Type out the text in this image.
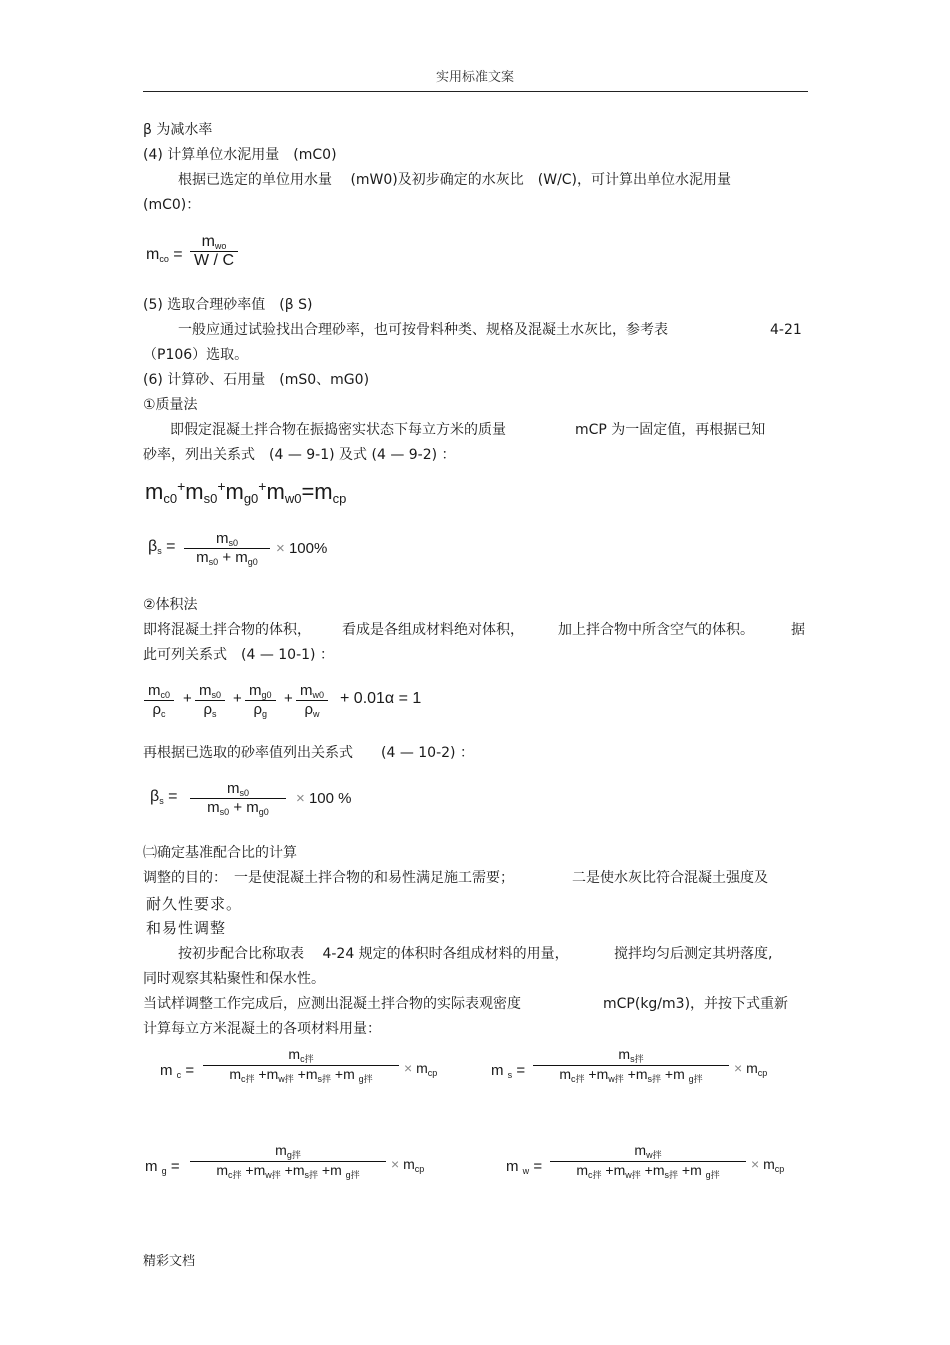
实用标准文案
β 为减水率
(4) 计算单位水泥用量　(mC0)
根据已选定的单位用水量　 (mW0)及初步确定的水灰比　(W/C)，可计算出单位水泥用量
(mC0)：
$m_{co}$ =
$m_{wo}$
W / C
(5) 选取合理砂率值　(β S)
一般应通过试验找出合理砂率，也可按骨料种类、规格及混凝土水灰比，参考表	4-21
（P106）选取。
(6) 计算砂、石用量　(mS0、mG0)
①质量法
即假定混凝土拌合物在振捣密实状态下每立方米的质量	mCP 为一固定值，再根据已知
砂率，列出关系式　(4 — 9-1) 及式 (4 — 9-2) ：
$m_{c0}^+m_{s0}^+m_{g0}^+m_{w0}=m_{cp}$
$\beta_s$ =	$m_{s0}$
$m_{s0} + m_{g0}$
× 100%
②体积法
即将混凝土拌合物的体积， 看成是各组成材料绝对体积， 加上拌合物中所含空气的体积。	据
此可列关系式　(4 — 10-1) ：
$m_{c0}$
$\rho_c$
+ $m_{s0}$
$\rho_s$
+ $m_{g0}$
$\rho_g$
+ $m_{w0}$
$\rho_w$
+ 0.01α = 1
再根据已选取的砂率值列出关系式　　(4 — 10-2) ：
$\beta_s$ =	$m_{s0}$
$m_{s0} + m_{g0}$
× 100 %
㈡确定基准配合比的计算
调整的目的：　一是使混凝土拌合物的和易性满足施工需要；	二是使水灰比符合混凝土强度及
耐久性要求。
和易性调整
按初步配合比称取表　 4-24 规定的体积时各组成材料的用量，	搅拌均匀后测定其坍落度,
同时观察其粘聚性和保水性。
当试样调整工作完成后，应测出混凝土拌合物的实际表观密度	mCP(kg/m3)，并按下式重新
计算每立方米混凝土的各项材料用量：
m $_c$ =
$m_{c拌}$
$m_{c拌} +m_{w拌} +m_{s拌} +m$ $_{g拌}$
× $m_{cp}$	m $_s$ =
$m_{s拌}$
$m_{c拌} +m_{w拌} +m_{s拌} +m$ $_{g拌}$
× $m_{cp}$
m $_g$ =
$m_{g拌}$
$m_{c拌} +m_{w拌} +m_{s拌} +m$ $_{g拌}$
× $m_{cp}$	m $_w$ =
$m_{w拌}$
$m_{c拌} +m_{w拌} +m_{s拌} +m$ $_{g拌}$
× $m_{cp}$
精彩文档
